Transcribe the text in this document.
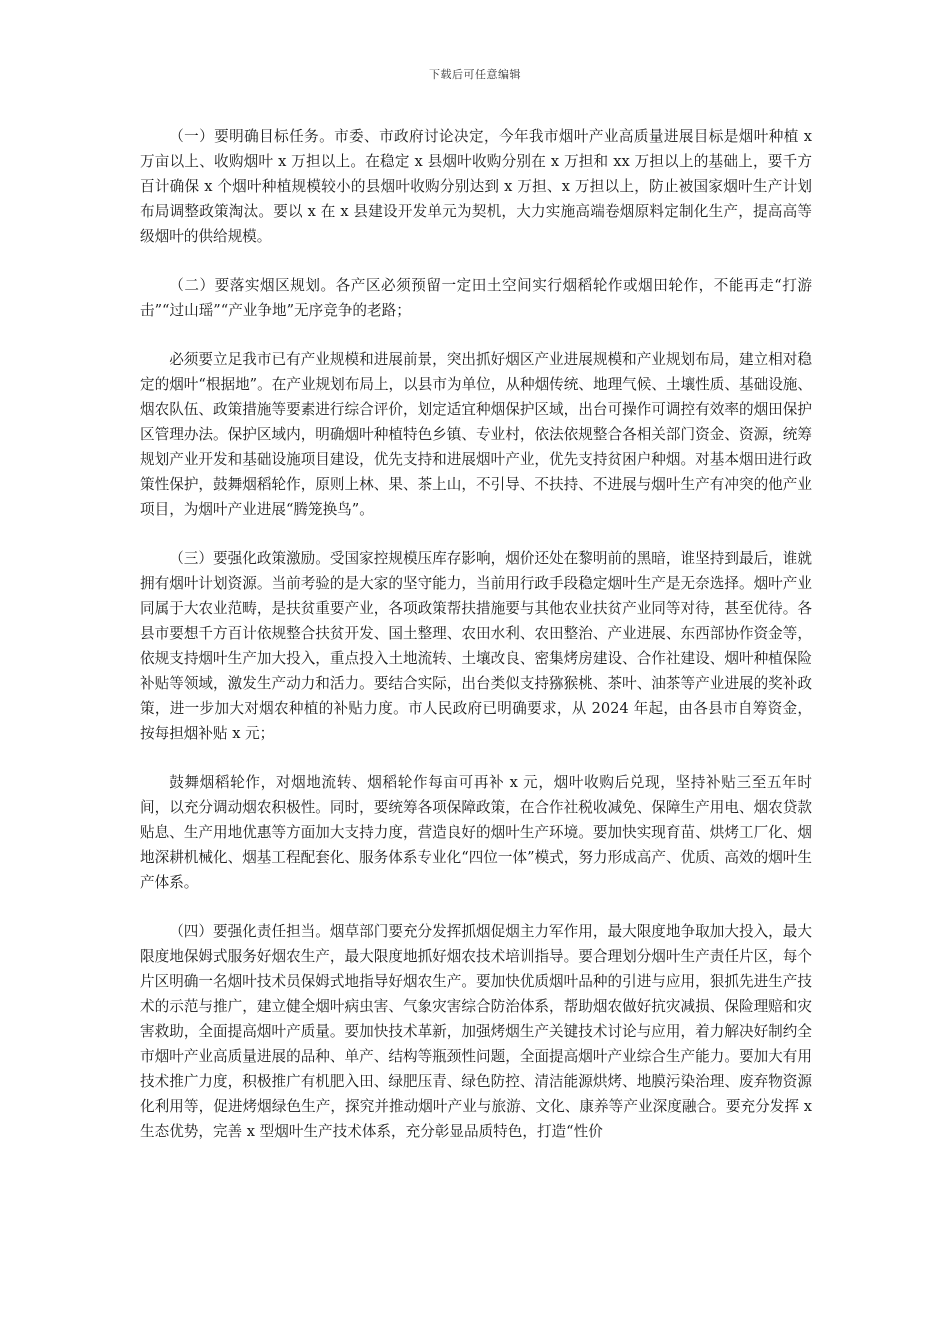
下载后可任意编辑

（一）要明确目标任务。市委、市政府讨论决定，今年我市烟叶产业高质量进展目标是烟叶种植 x 万亩以上、收购烟叶 x 万担以上。在稳定 x 县烟叶收购分别在 x 万担和 xx 万担以上的基础上，要千方百计确保 x 个烟叶种植规模较小的县烟叶收购分别达到 x 万担、x 万担以上，防止被国家烟叶生产计划布局调整政策淘汰。要以 x 在 x 县建设开发单元为契机，大力实施高端卷烟原料定制化生产，提高高等级烟叶的供给规模。

（二）要落实烟区规划。各产区必须预留一定田土空间实行烟稻轮作或烟田轮作，不能再走“打游击”“过山瑶”“产业争地”无序竞争的老路；

必须要立足我市已有产业规模和进展前景，突出抓好烟区产业进展规模和产业规划布局，建立相对稳定的烟叶“根据地”。在产业规划布局上，以县市为单位，从种烟传统、地理气候、土壤性质、基础设施、烟农队伍、政策措施等要素进行综合评价，划定适宜种烟保护区域，出台可操作可调控有效率的烟田保护区管理办法。保护区域内，明确烟叶种植特色乡镇、专业村，依法依规整合各相关部门资金、资源，统筹规划产业开发和基础设施项目建设，优先支持和进展烟叶产业，优先支持贫困户种烟。对基本烟田进行政策性保护，鼓舞烟稻轮作，原则上林、果、茶上山，不引导、不扶持、不进展与烟叶生产有冲突的他产业项目，为烟叶产业进展“腾笼换鸟”。

（三）要强化政策激励。受国家控规模压库存影响，烟价还处在黎明前的黑暗，谁坚持到最后，谁就拥有烟叶计划资源。当前考验的是大家的坚守能力，当前用行政手段稳定烟叶生产是无奈选择。烟叶产业同属于大农业范畴，是扶贫重要产业，各项政策帮扶措施要与其他农业扶贫产业同等对待，甚至优待。各县市要想千方百计依规整合扶贫开发、国土整理、农田水利、农田整治、产业进展、东西部协作资金等，依规支持烟叶生产加大投入，重点投入土地流转、土壤改良、密集烤房建设、合作社建设、烟叶种植保险补贴等领域，激发生产动力和活力。要结合实际，出台类似支持猕猴桃、茶叶、油茶等产业进展的奖补政策，进一步加大对烟农种植的补贴力度。市人民政府已明确要求，从 2024 年起，由各县市自筹资金，按每担烟补贴 x 元；

鼓舞烟稻轮作，对烟地流转、烟稻轮作每亩可再补 x 元，烟叶收购后兑现，坚持补贴三至五年时间，以充分调动烟农积极性。同时，要统筹各项保障政策，在合作社税收减免、保障生产用电、烟农贷款贴息、生产用地优惠等方面加大支持力度，营造良好的烟叶生产环境。要加快实现育苗、烘烤工厂化、烟地深耕机械化、烟基工程配套化、服务体系专业化“四位一体”模式，努力形成高产、优质、高效的烟叶生产体系。

（四）要强化责任担当。烟草部门要充分发挥抓烟促烟主力军作用，最大限度地争取加大投入，最大限度地保姆式服务好烟农生产，最大限度地抓好烟农技术培训指导。要合理划分烟叶生产责任片区，每个片区明确一名烟叶技术员保姆式地指导好烟农生产。要加快优质烟叶品种的引进与应用，狠抓先进生产技术的示范与推广，建立健全烟叶病虫害、气象灾害综合防治体系，帮助烟农做好抗灾减损、保险理赔和灾害救助，全面提高烟叶产质量。要加快技术革新，加强烤烟生产关键技术讨论与应用，着力解决好制约全市烟叶产业高质量进展的品种、单产、结构等瓶颈性问题，全面提高烟叶产业综合生产能力。要加大有用技术推广力度，积极推广有机肥入田、绿肥压青、绿色防控、清洁能源烘烤、地膜污染治理、废弃物资源化利用等，促进烤烟绿色生产，探究并推动烟叶产业与旅游、文化、康养等产业深度融合。要充分发挥 x 生态优势，完善 x 型烟叶生产技术体系，充分彰显品质特色，打造“性价
